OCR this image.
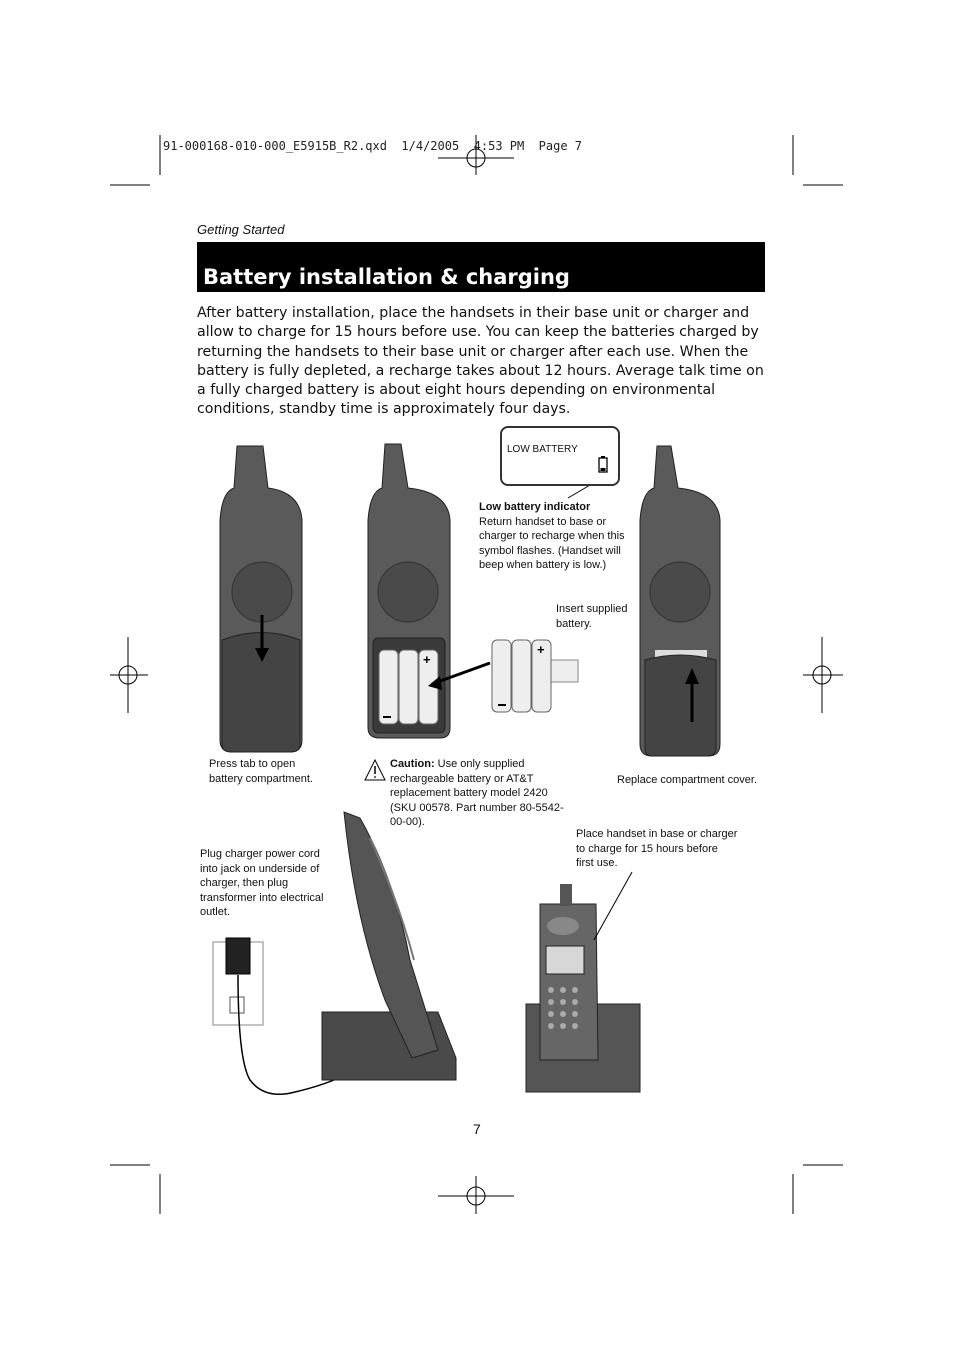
+
+
91-000168-010-000_E5915B_R2.qxd  1/4/2005  4:53 PM  Page 7
Getting Started
Battery installation & charging
After battery installation, place the handsets in their base unit or charger and allow to charge for 15 hours before use. You can keep the batteries charged by returning the handsets to their base unit or charger after each use. When the battery is fully depleted, a recharge takes about 12 hours. Average talk time on a fully charged battery is about eight hours depending on environmental conditions, standby time is approximately four days.
LOW BATTERY
Low battery indicator
Return handset to base or charger to recharge when this symbol flashes. (Handset will beep when battery is low.)
Insert supplied battery.
Press tab to open battery compartment.
Caution: Use only supplied rechargeable battery or AT&T replacement battery model 2420 (SKU 00578. Part number 80-5542-00-00).
Replace compartment cover.
Place handset in base or charger to charge for 15 hours before first use.
Plug charger power cord into jack on underside of charger, then plug transformer into electrical outlet.
7
